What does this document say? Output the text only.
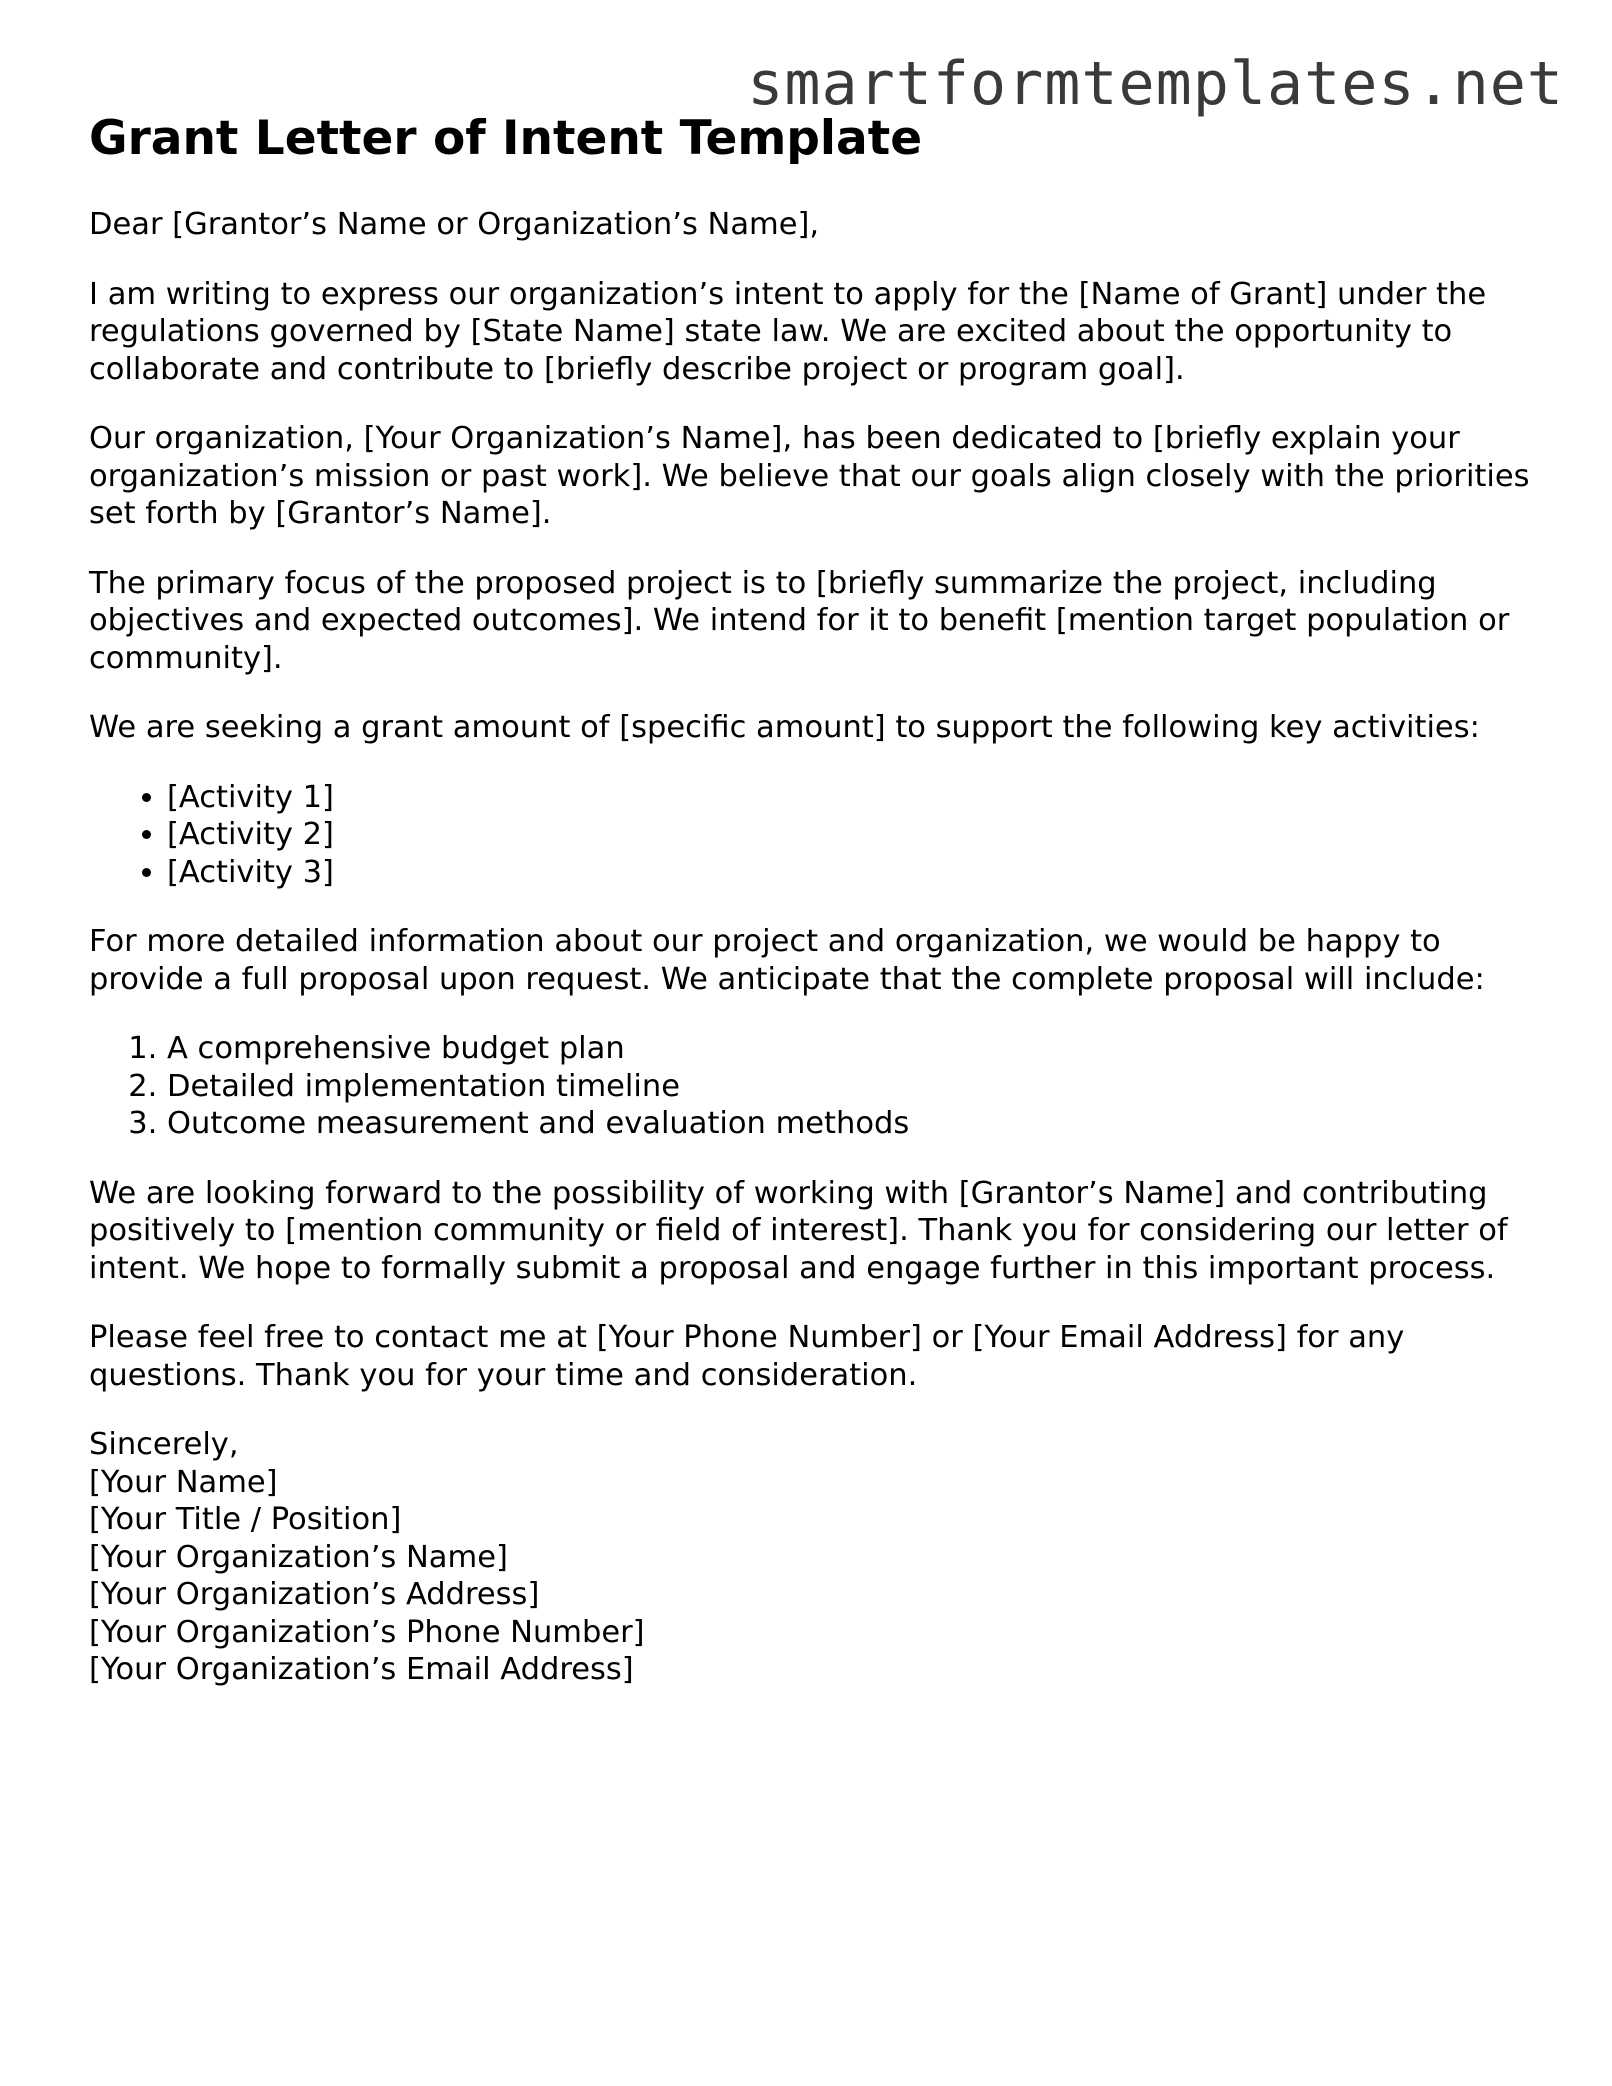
smartformtemplates.net
Grant Letter of Intent Template

Dear [Grantor’s Name or Organization’s Name],

I am writing to express our organization’s intent to apply for the [Name of Grant] under the regulations governed by [State Name] state law. We are excited about the opportunity to collaborate and contribute to [briefly describe project or program goal].

Our organization, [Your Organization’s Name], has been dedicated to [briefly explain your organization’s mission or past work]. We believe that our goals align closely with the priorities set forth by [Grantor’s Name].

The primary focus of the proposed project is to [briefly summarize the project, including objectives and expected outcomes]. We intend for it to benefit [mention target population or community].

We are seeking a grant amount of [specific amount] to support the following key activities:

• [Activity 1]
• [Activity 2]
• [Activity 3]

For more detailed information about our project and organization, we would be happy to provide a full proposal upon request. We anticipate that the complete proposal will include:

1. A comprehensive budget plan
2. Detailed implementation timeline
3. Outcome measurement and evaluation methods

We are looking forward to the possibility of working with [Grantor’s Name] and contributing positively to [mention community or field of interest]. Thank you for considering our letter of intent. We hope to formally submit a proposal and engage further in this important process.

Please feel free to contact me at [Your Phone Number] or [Your Email Address] for any questions. Thank you for your time and consideration.

Sincerely,
[Your Name]
[Your Title / Position]
[Your Organization’s Name]
[Your Organization’s Address]
[Your Organization’s Phone Number]
[Your Organization’s Email Address]
